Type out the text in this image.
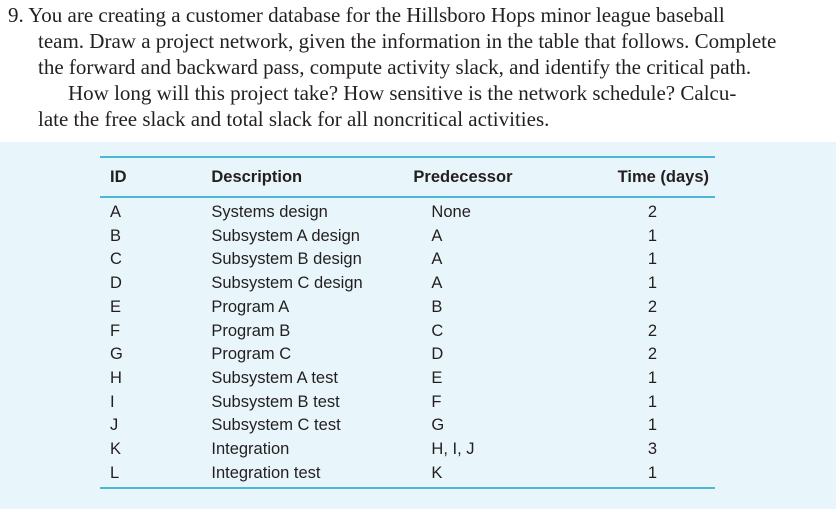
9. You are creating a customer database for the Hillsboro Hops minor league baseball
team. Draw a project network, given the information in the table that follows. Complete
the forward and backward pass, compute activity slack, and identify the critical path.
How long will this project take? How sensitive is the network schedule? Calcu-
late the free slack and total slack for all noncritical activities.
ID	Description	Predecessor	Time (days)
A	Systems design	None	2
B	Subsystem A design	A	1
C	Subsystem B design	A	1
D	Subsystem C design	A	1
E	Program A	B	2
F	Program B	C	2
G	Program C	D	2
H	Subsystem A test	E	1
I	Subsystem B test	F	1
J	Subsystem C test	G	1
K	Integration	H, I, J	3
L	Integration test	K	1
